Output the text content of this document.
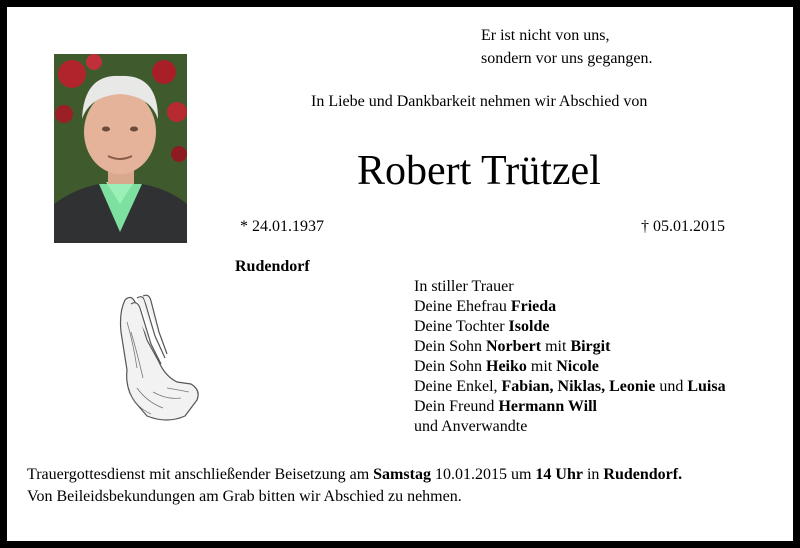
Er ist nicht von uns,
sondern vor uns gegangen.
In Liebe und Dankbarkeit nehmen wir Abschied von
Robert Trützel
* 24.01.1937	† 05.01.2015
Rudendorf
In stiller Trauer
Deine Ehefrau Frieda
Deine Tochter Isolde
Dein Sohn Norbert mit Birgit
Dein Sohn Heiko mit Nicole
Deine Enkel, Fabian, Niklas, Leonie und Luisa
Dein Freund Hermann Will
und Anverwandte
Trauergottesdienst mit anschließender Beisetzung am Samstag 10.01.2015 um 14 Uhr in Rudendorf.
Von Beileidsbekundungen am Grab bitten wir Abschied zu nehmen.
